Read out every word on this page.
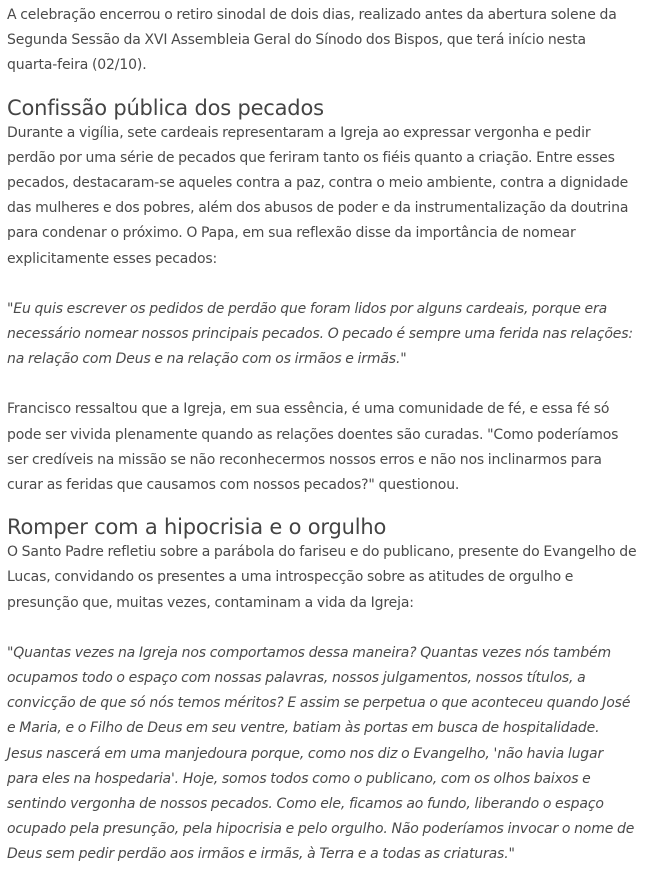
A celebração encerrou o retiro sinodal de dois dias, realizado antes da abertura solene da Segunda Sessão da XVI Assembleia Geral do Sínodo dos Bispos, que terá início nesta quarta-feira (02/10).

Confissão pública dos pecados

Durante a vigília, sete cardeais representaram a Igreja ao expressar vergonha e pedir perdão por uma série de pecados que feriram tanto os fiéis quanto a criação. Entre esses pecados, destacaram-se aqueles contra a paz, contra o meio ambiente, contra a dignidade das mulheres e dos pobres, além dos abusos de poder e da instrumentalização da doutrina para condenar o próximo. O Papa, em sua reflexão disse da importância de nomear explicitamente esses pecados:

"Eu quis escrever os pedidos de perdão que foram lidos por alguns cardeais, porque era necessário nomear nossos principais pecados. O pecado é sempre uma ferida nas relações: na relação com Deus e na relação com os irmãos e irmãs."

Francisco ressaltou que a Igreja, em sua essência, é uma comunidade de fé, e essa fé só pode ser vivida plenamente quando as relações doentes são curadas. "Como poderíamos ser credíveis na missão se não reconhecermos nossos erros e não nos inclinarmos para curar as feridas que causamos com nossos pecados?" questionou.

Romper com a hipocrisia e o orgulho

O Santo Padre refletiu sobre a parábola do fariseu e do publicano, presente do Evangelho de Lucas, convidando os presentes a uma introspecção sobre as atitudes de orgulho e presunção que, muitas vezes, contaminam a vida da Igreja:

"Quantas vezes na Igreja nos comportamos dessa maneira? Quantas vezes nós também ocupamos todo o espaço com nossas palavras, nossos julgamentos, nossos títulos, a convicção de que só nós temos méritos? E assim se perpetua o que aconteceu quando José e Maria, e o Filho de Deus em seu ventre, batiam às portas em busca de hospitalidade. Jesus nascerá em uma manjedoura porque, como nos diz o Evangelho, 'não havia lugar para eles na hospedaria'. Hoje, somos todos como o publicano, com os olhos baixos e sentindo vergonha de nossos pecados. Como ele, ficamos ao fundo, liberando o espaço ocupado pela presunção, pela hipocrisia e pelo orgulho. Não poderíamos invocar o nome de Deus sem pedir perdão aos irmãos e irmãs, à Terra e a todas as criaturas."
